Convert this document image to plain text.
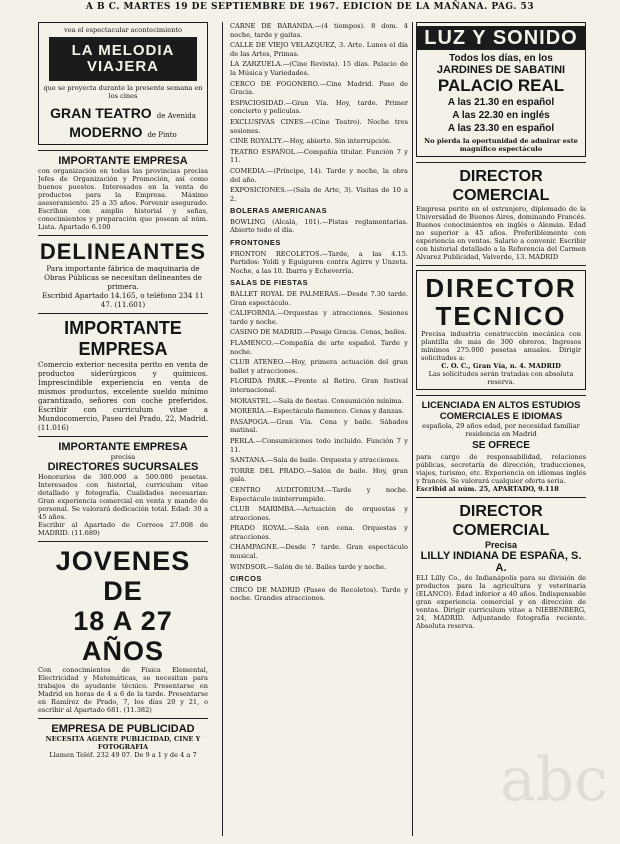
A B C. MARTES 19 DE SEPTIEMBRE DE 1967. EDICION DE LA MAÑANA. PAG. 53
vea el espectacular acontecimiento
LA MELODIA VIAJERA
que se proyecta durante la presente semana en los cines
GRAN TEATRO de Avenida
MODERNO de Pinto
IMPORTANTE EMPRESA
con organización en todas las provincias precisa Jefes de Organización y Promoción, así como buenos puestos. Interesados en la venta de productos para la Empresa. Máximo asesoramiento. 25 a 35 años. Porvenir asegurado. Escriban con amplio historial y señas, conocimientos y preparación que posean al núm. Lista. Apartado 6.100
DELINEANTES
Para importante fábrica de maquinaria de Obras Públicas se necesitan delineantes de primera.
Escribid Apartado 14.165, o teléfono 234 11 47. (11.601)
IMPORTANTE EMPRESA
Comercio exterior necesita perito en venta de productos siderúrgicos y químicos. Imprescindible experiencia en venta de mismos productos, excelente sueldo mínimo garantizado, señores con coche preferidos. Escribir con curriculum vitae a Mundocomercio, Paseo del Prado, 22, Madrid. (11.016)
IMPORTANTE EMPRESA
precisa
DIRECTORES SUCURSALES
Honorarios de 300.000 a 500.000 pesetas. Interesados con historial, curriculum vitae detallado y fotografía. Cualidades necesarias: Gran experiencia comercial en venta y mando de personal. Se valorará dedicación total. Edad: 30 a 45 años.
Escribir al Apartado de Correos 27.008 de MADRID. (11.689)
JOVENES DE
18 A 27 AÑOS
Con conocimientos de Física Elemental, Electricidad y Matemáticas, se necesitan para trabajos de ayudante técnico. Presentarse en Madrid en horas de 4 a 6 de la tarde. Presentarse en Ramírez de Prado, 7, los días 20 y 21, o escribir al Apartado 681. (11.382)
EMPRESA DE PUBLICIDAD
NECESITA AGENTE PUBLICIDAD, CINE Y FOTOGRAFIA
Llamen Teléf. 232 49 07. De 9 a 1 y de 4 a 7
CARNE DE BARANDA.—(4 tiempos). 8 dom. 4 noche, tarde y gaitas.
CALLE DE VIEJO VELAZQUEZ, 3. Arte. Lunes el día de las Artes, Primas.
LA ZARZUELA.—(Cine Revista). 15 días. Palacio de la Música y Variedades.
CERCO DE FOGONERO.—Cine Madrid. Paso de Gracia.
ESPACIOSIDAD.—Gran Vía. Hoy, tarde. Primer concierto y películas.
EXCLUSIVAS CINES.—(Cine Teatro). Noche tres sesiones.
CINE ROYALTY.—Hoy, abierto. Sin interrupción.
TEATRO ESPAÑOL.—Compañía titular. Función 7 y 11.
COMEDIA.—(Príncipe, 14). Tarde y noche, la obra del año.
EXPOSICIONES.—(Sala de Arte, 3). Visitas de 10 a 2.
BOLERAS AMERICANAS
BOWLING (Alcalá, 101).—Pistas reglamentarias. Abierto todo el día.
FRONTONES
FRONTON RECOLETOS.—Tarde, a las 4.15. Partidos: Yoldi y Eguiguren contra Agirre y Unzeta. Noche, a las 10. Ibarra y Echeverría.
SALAS DE FIESTAS
BALLET ROYAL DE PALMERAS.—Desde 7.30 tarde. Gran espectáculo.
CALIFORNIA.—Orquestas y atracciones. Sesiones tarde y noche.
CASINO DE MADRID.—Pasaje Gracia. Cenas, bailes.
FLAMENCO.—Compañía de arte español. Tarde y noche.
CLUB ATENEO.—Hoy, primera actuación del gran ballet y atracciones.
FLORIDA PARK.—Frente al Retiro. Gran festival internacional.
MORASTEL.—Sala de fiestas. Consumición mínima.
MORERÍA.—Espectáculo flamenco. Cenas y danzas.
PASAPOGA.—Gran Vía. Cena y baile. Sábados matinal.
PERLA.—Consumiciones todo incluido. Función 7 y 11.
SANTANA.—Sala de baile. Orquesta y atracciones.
TORRE DEL PRADO.—Salón de baile. Hoy, gran gala.
CENTRO AUDITORIUM.—Tarde y noche. Espectáculo ininterrumpido.
CLUB MARIMBA.—Actuación de orquestas y atracciones.
PRADO ROYAL.—Sala con cena. Orquestas y atracciones.
CHAMPAGNE.—Desde 7 tarde. Gran espectáculo musical.
WINDSOR.—Salón de té. Bailes tarde y noche.
CIRCOS
CIRCO DE MADRID (Paseo de Recoletos). Tarde y noche. Grandes atracciones.
LUZ Y SONIDO
Todos los días, en los
JARDINES DE SABATINI
PALACIO REAL
A las 21.30 en español
A las 22.30 en inglés
A las 23.30 en español
No pierda la oportunidad de admirar este magnífico espectáculo
DIRECTOR COMERCIAL
Empresa perito en el extranjero, diplomado de la Universidad de Buenos Aires, dominando Francés. Buenos conocimientos en inglés o Alemán. Edad no superior a 45 años. Preferiblemente con experiencia en ventas. Salario a convenir. Escribir con historial detallado a la Referencia del Carmen Alvarez Publicidad, Valverde, 13. MADRID
DIRECTOR
TECNICO
Precisa industria construcción mecánica con plantilla de más de 300 obreros. Ingresos mínimos 275.000 pesetas anuales. Dirigir solicitudes a:
C. O. C., Gran Vía, n. 4. MADRID
Las solicitudes serán tratadas con absoluta reserva.
LICENCIADA EN ALTOS ESTUDIOS COMERCIALES E IDIOMAS
española, 29 años edad, por necesidad familiar residencia en Madrid
SE OFRECE
para cargo de responsabilidad, relaciones públicas, secretaría de dirección, traducciones, viajes, turismo, etc. Experiencia en idiomas inglés y francés. Se valorará cualquier oferta seria.
Escribid al núm. 25, APARTADO, 9.118
DIRECTOR COMERCIAL
Precisa
LILLY INDIANA DE ESPAÑA, S. A.
ELI Lilly Co., de Indianápolis para su división de productos para la agricultura y veterinaria (ELANCO). Edad inferior a 40 años. Indispensable gran experiencia comercial y en dirección de ventas. Dirigir curriculum vitae a NIEBENBERG, 24, MADRID. Adjuntando fotografía reciente. Absoluta reserva.
abc
